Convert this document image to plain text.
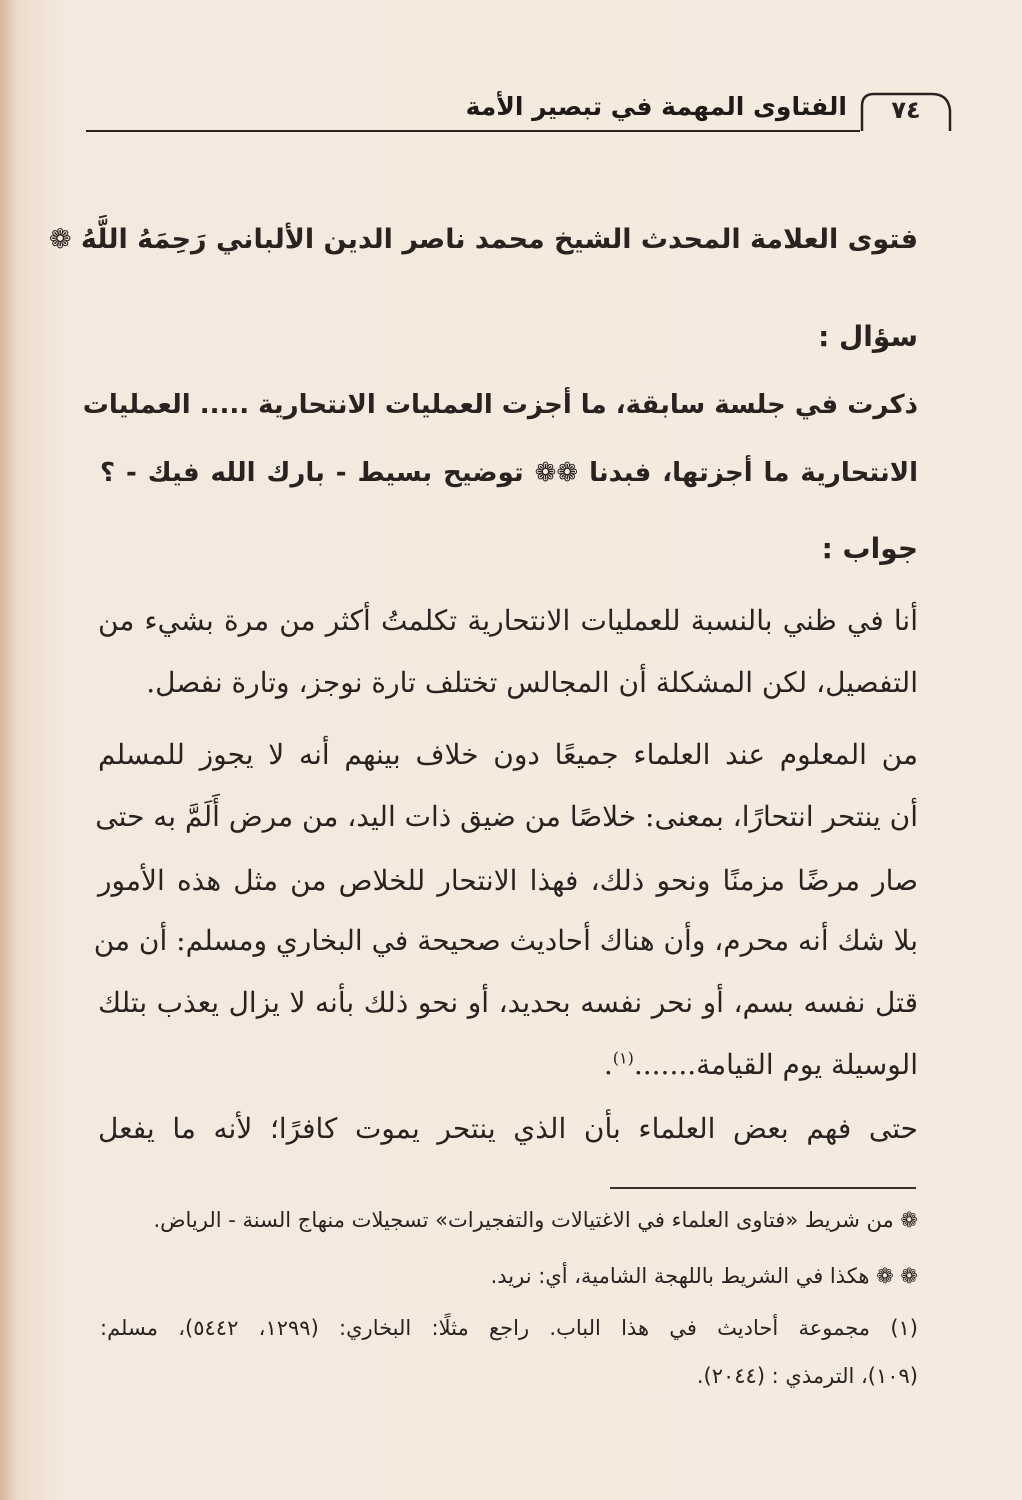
الفتاوى المهمة في تبصير الأمة	٧٤
فتوى العلامة المحدث الشيخ محمد ناصر الدين الألباني رَحِمَهُ اللَّهُ ❁
سؤال :
ذكرت في جلسة سابقة، ما أجزت العمليات الانتحارية ..... العمليات
الانتحارية ما أجزتها، فبدنا ❁❁ توضيح بسيط - بارك الله فيك - ؟
جواب :
أنا في ظني بالنسبة للعمليات الانتحارية تكلمتُ أكثر من مرة بشيء من
التفصيل، لكن المشكلة أن المجالس تختلف تارة نوجز، وتارة نفصل.
من المعلوم عند العلماء جميعًا دون خلاف بينهم أنه لا يجوز للمسلم
أن ينتحر انتحارًا، بمعنى: خلاصًا من ضيق ذات اليد، من مرض أَلَمَّ به حتى
صار مرضًا مزمنًا ونحو ذلك، فهذا الانتحار للخلاص من مثل هذه الأمور
بلا شك أنه محرم، وأن هناك أحاديث صحيحة في البخاري ومسلم: أن من
قتل نفسه بسم، أو نحر نفسه بحديد، أو نحو ذلك بأنه لا يزال يعذب بتلك
الوسيلة يوم القيامة.......$^{(١)}$.
حتى فهم بعض العلماء بأن الذي ينتحر يموت كافرًا؛ لأنه ما يفعل
❁ من شريط «فتاوى العلماء في الاغتيالات والتفجيرات» تسجيلات منهاج السنة - الرياض.
❁ ❁ هكذا في الشريط باللهجة الشامية، أي: نريد.
(١) مجموعة أحاديث في هذا الباب. راجع مثلًا: البخاري: (١٢٩٩، ٥٤٤٢)، مسلم:
(١٠٩)، الترمذي : (٢٠٤٤).
